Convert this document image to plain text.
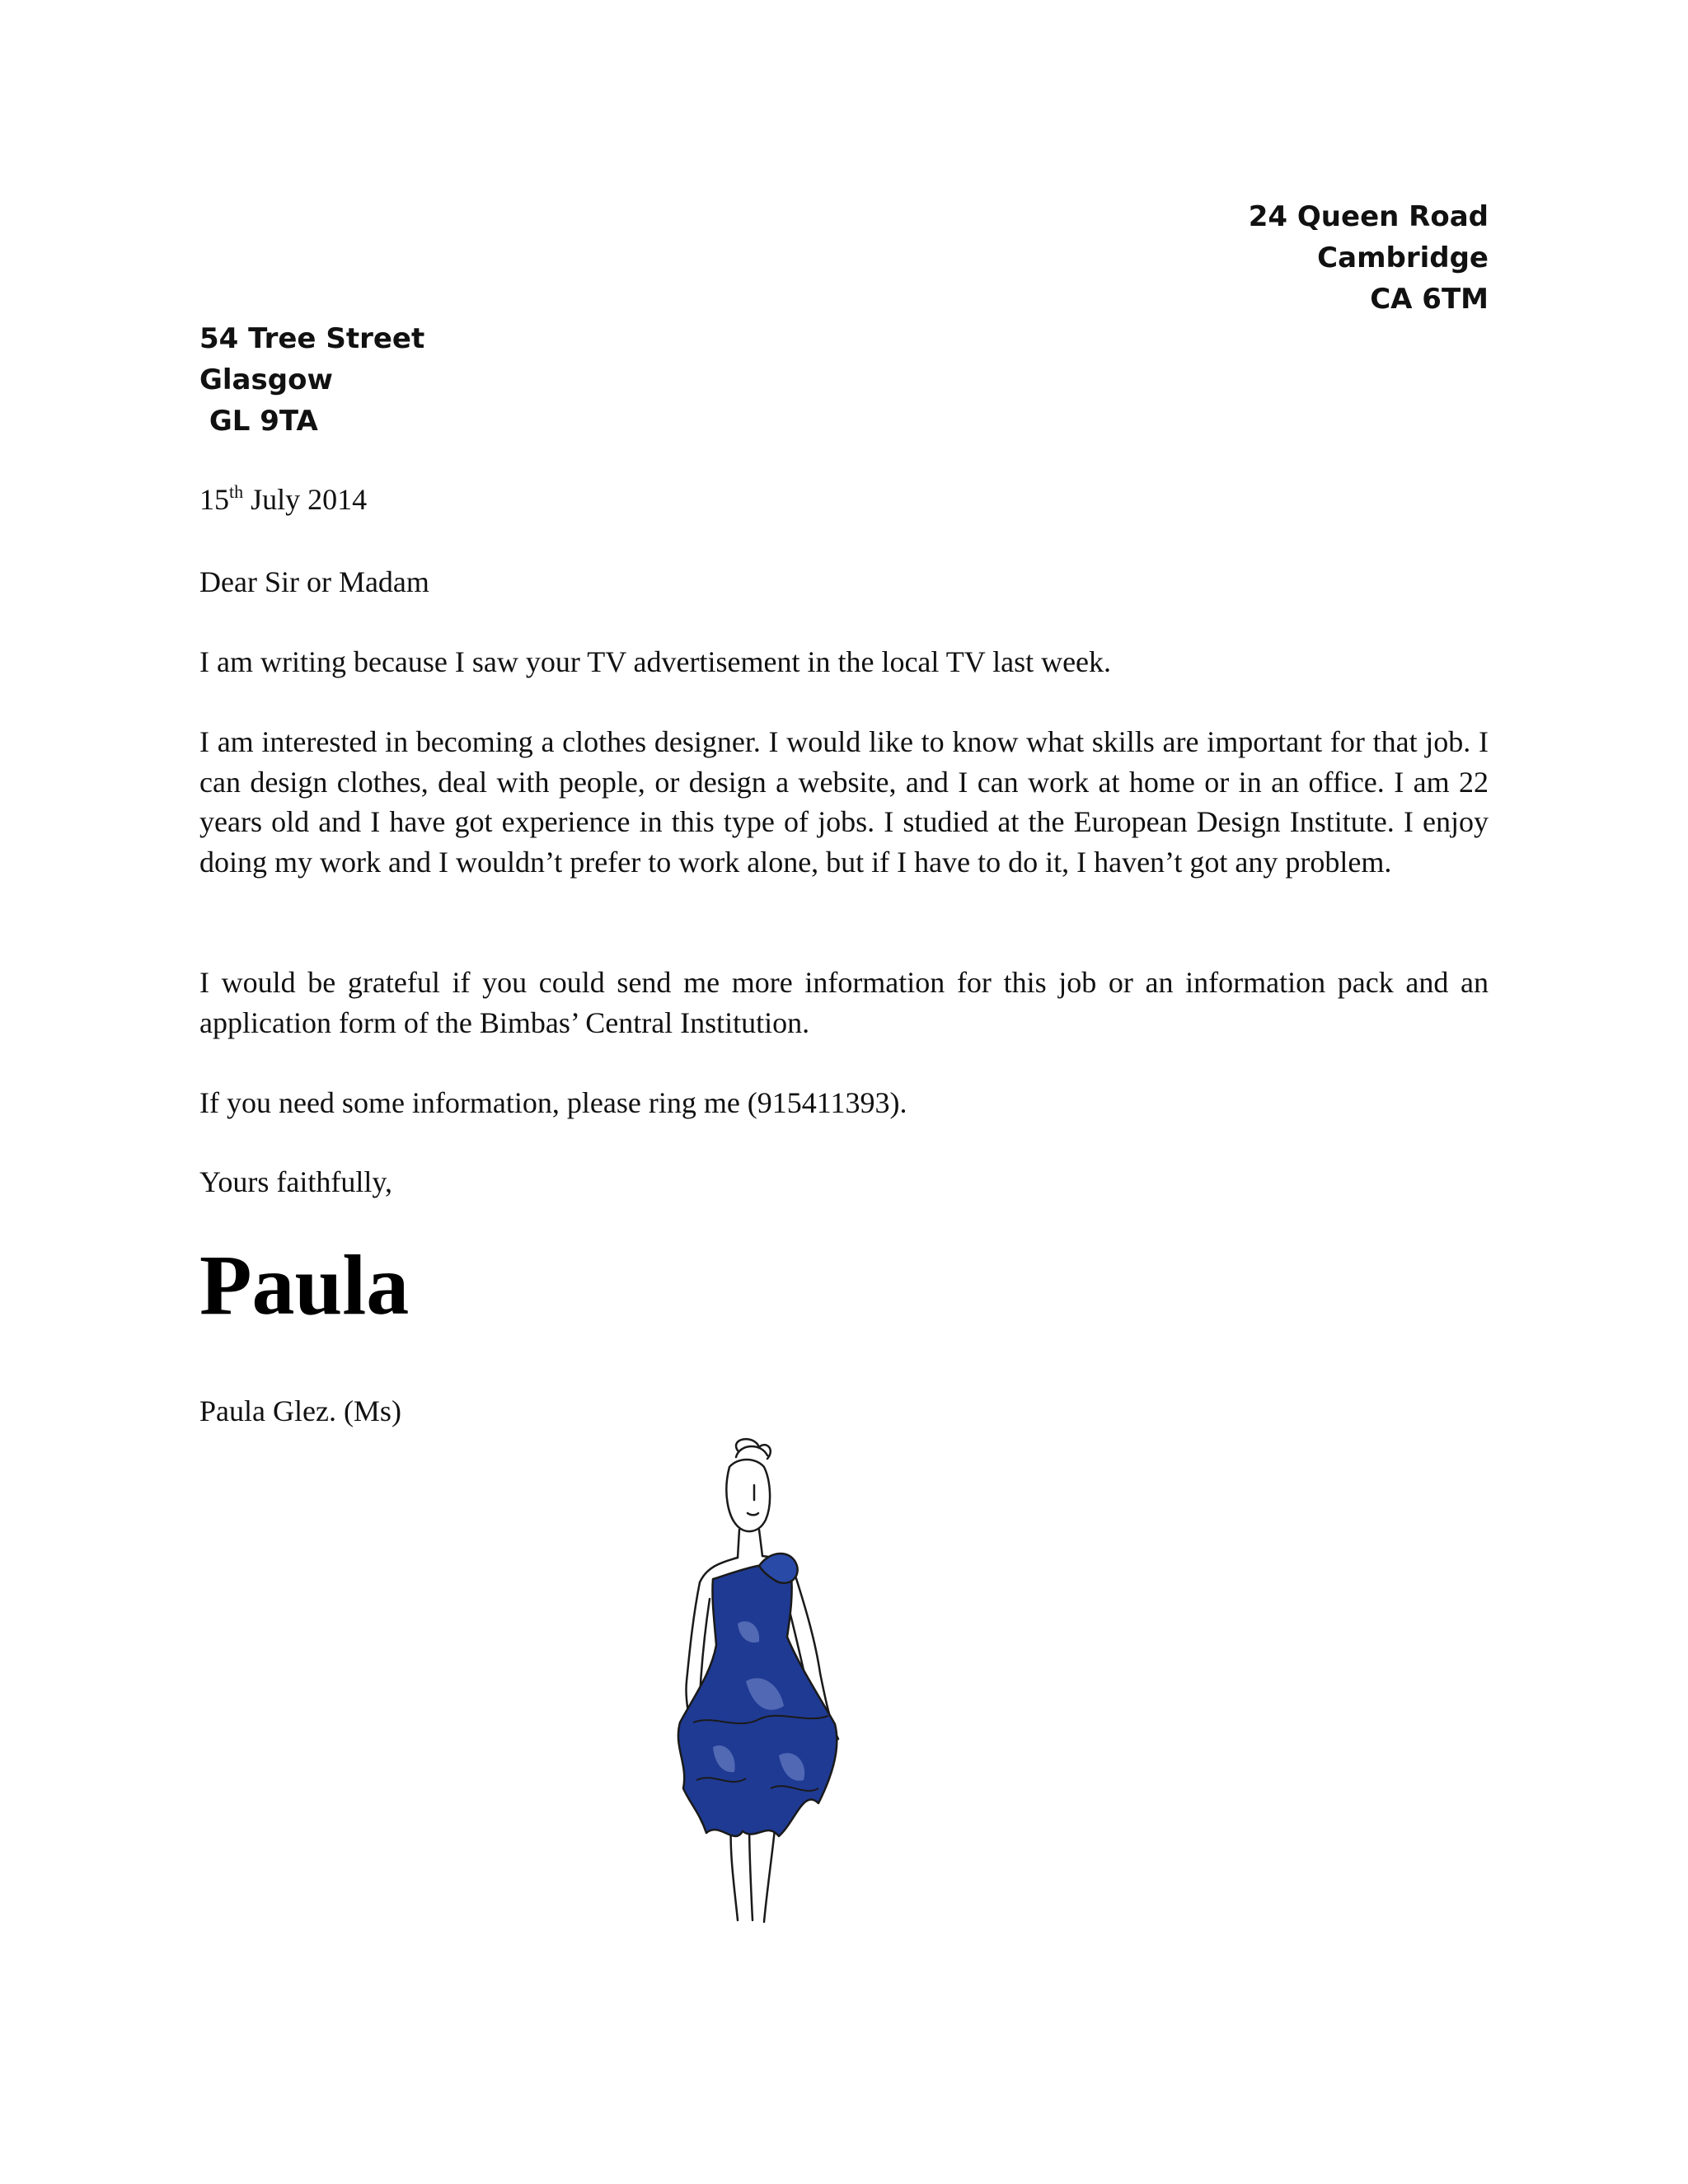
24 Queen Road
Cambridge
CA 6TM
54 Tree Street
Glasgow
GL 9TA
15th July 2014
Dear Sir or Madam
I am writing because I saw your TV advertisement in the local TV last week.
I am interested in becoming a clothes designer. I would like to know what skills are important for that job. I can design clothes, deal with people, or design a website, and I can work at home or in an office. I am 22 years old and I have got experience in this type of jobs. I studied at the European Design Institute. I enjoy doing my work and I wouldn’t prefer to work alone, but if I have to do it, I haven’t got any problem.
I would be grateful if you could send me more information for this job or an information pack and an application form of the Bimbas’ Central Institution.
If you need some information, please ring me (915411393).
Yours faithfully,
Paula
Paula Glez. (Ms)
